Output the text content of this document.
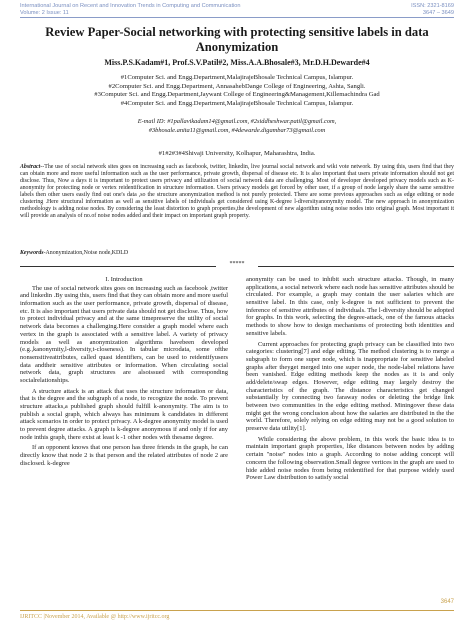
International Journal on Recent and Innovation Trends in Computing and Communication
Volume: 2 Issue: 11
ISSN: 2321-8169
3647 – 3649
Review Paper-Social networking with protecting sensitive labels in data Anonymization
Miss.P.S.Kadam#1, Prof.S.V.Patil#2, Miss.A.A.Bhosale#3, Mr.D.H.Dewarde#4
#1Computer Sci. and Engg.Department,MalajirajeBhosale Technical Campus, Islampur.
#2Computer Sci. and Engg.Department, AnnasahebDange College of Engineering, Ashta, Sangli.
#3Computer Sci. and Engg.Department,Jaywant College of Engineering&Management,Killemachindra Gad
#4Computer Sci. and Engg.Department,MalajirajeBhosale Technical Campus, Islampur.
E-mail ID: #1pallavikadam14@gmail.com, #2siddheshwar.patil@gmail.com,
#3bhosale.anita11@gmail.com, #4dewarde.digambar73@gmail.com
#1#2#3#4Shivaji University, Kolhapur, Maharashtra, India.
Abstract--The use of social network sites goes on increasing such as facebook, twitter, linkedin, live journal social network and wiki vote network. By using this, users find that they can obtain more and more useful information such as the user performance, private growth, dispersal of disease etc. It is also important that users private information should not get disclose. Thus, Now a days it is important to protect users privacy and utilization of social network data are challenging. Most of developer developed privacy models such as K-anonymity for protecting node or vertex reidentification in structure information. Users privacy models get forced by other user, if a group of node largely share the same sensitive labels then other users easily find out one's data ,so the structure anonymization method is not purely protected. There are some previous approaches such as edge editing or node clustering .Here structural information as well as sensitive labels of individuals get considered using K-degree l-diversityanonymity model. The new approach in anonymization methodology is adding noise nodes. By considering the least distortion to graph properties,the development of new algorithm using noise nodes into original graph. Most important it will provide an analysis of no.of noise nodes added and their impact on important graph property.
Keywords-Anonymization,Noise node,KDLD
*****

I. Introduction

The use of social network sites goes on increasing such as facebook ,twitter and linkedin .By using this, users find that they can obtain more and more useful information such as the user performance, private growth, dispersal of disease, etc. It is also important that users private data should not get disclose. Thus, how to protect individual privacy and at the same timepreserve the utility of social network data becomes a challenging.Here consider a graph model where each vertex in the graph is associated with a sensitive label. A variety of privacy models as well as anonymization algorithms havebeen developed (e.g.,kanonymity,l-diversity,t-closeness). In tabular microdata, some ofthe nonsensitiveattributes, called quasi identifiers, can be used to reidentifyusers data andtheir sensitive attributes or information. When circulating social network data, graph structures are alsoissued with corresponding socialrelationships.

A structure attack is an attack that uses the structure information or data, that is the degree and the subgraph of a node, to recognize the node. To prevent structure attacks,a published graph should fulfill k-anonymity. The aim is to publish a social graph, which always has minimum k candidates in different attack scenarios in order to protect privacy. A k-degree anonymity model is used to prevent degree attacks. A graph is k-degree anonymous if and only if for any node inthis graph, there exist at least k -1 other nodes with thesame degree.

If an opponent knows that one person has three friends in the graph, he can directly know that node 2 is that person and the related attributes of node 2 are disclosed. k-degree

anonymity can be used to inhibit such structure attacks. Though, in many applications, a social network where each node has sensitive attributes should be circulated. For example, a graph may contain the user salaries which are sensitive label. In this case, only k-degree is not sufficient to prevent the inference of sensitive attributes of individuals. The l-diversity should be adopted for graphs. In this work, selecting the degree-attack, one of the famous attacks methods to show how to design mechanisms of protecting both identities and sensitive labels.

Current approaches for protecting graph privacy can be classified into two categories: clustering[7] and edge editing. The method clustering is to merge a subgraph to form one super node, which is inappropriate for sensitive labeled graphs after theyget merged into one super node, the node-label relations have been vanished. Edge editing methods keep the nodes as it is and only add/delete/swap edges. However, edge editing may largely destroy the characteristics of the graph. The distance characteristics get changed substantially by connecting two faraway nodes or deleting the bridge link between two communities in the edge editing method. Miningover these data might get the wrong conclusion about how the salaries are distributed in the the world. Therefore, solely relying on edge editing may not be a good solution to preserve data utility[1].

While considering the above problem, in this work the basic idea is to maintain important graph properties, like distances between nodes by adding certain "noise" nodes into a graph. According to noise adding concept will concern the following observation.Small degree vertices in the graph are used to hide added noise nodes from being reidentified for that purpose widely used Power Law distribution to satisfy social

3647
IJRITCC |November 2014, Available @ http://www.ijritcc.org
